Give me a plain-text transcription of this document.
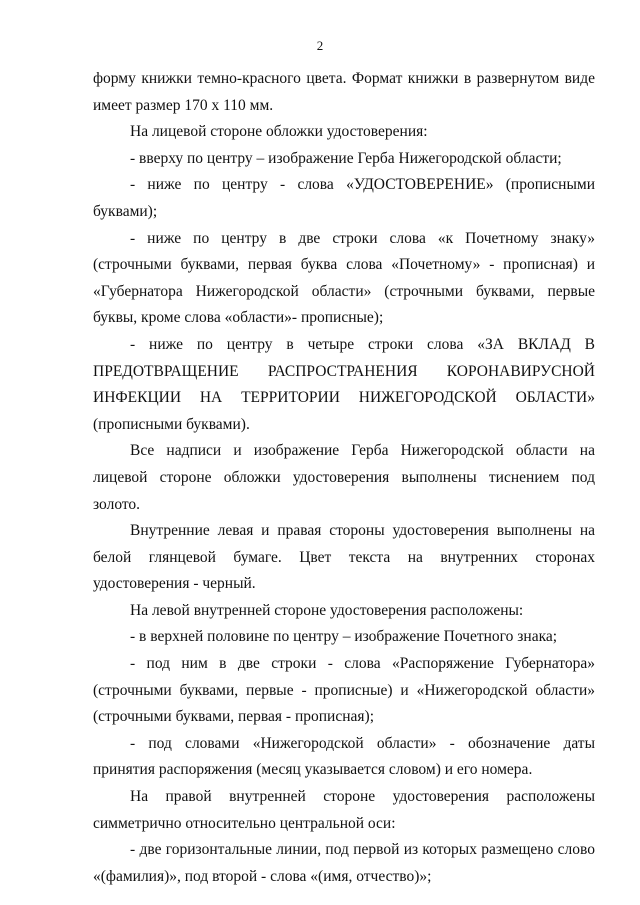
2

форму книжки темно-красного цвета. Формат книжки в развернутом виде имеет размер 170 х 110 мм.

На лицевой стороне обложки удостоверения:

- вверху по центру – изображение Герба Нижегородской области;

- ниже по центру - слова «УДОСТОВЕРЕНИЕ» (прописными буквами);

- ниже по центру в две строки слова «к Почетному знаку» (строчными буквами, первая буква слова «Почетному» - прописная) и «Губернатора Нижегородской области» (строчными буквами, первые буквы, кроме слова «области»- прописные);

- ниже по центру в четыре строки слова «ЗА ВКЛАД В ПРЕДОТВРАЩЕНИЕ РАСПРОСТРАНЕНИЯ КОРОНАВИРУСНОЙ ИНФЕКЦИИ НА ТЕРРИТОРИИ НИЖЕГОРОДСКОЙ ОБЛАСТИ» (прописными буквами).

Все надписи и изображение Герба Нижегородской области на лицевой стороне обложки удостоверения выполнены тиснением под золото.

Внутренние левая и правая стороны удостоверения выполнены на белой глянцевой бумаге. Цвет текста на внутренних сторонах удостоверения - черный.

На левой внутренней стороне удостоверения расположены:

- в верхней половине по центру – изображение Почетного знака;

- под ним в две строки - слова «Распоряжение Губернатора» (строчными буквами, первые - прописные) и «Нижегородской области» (строчными буквами, первая - прописная);

- под словами «Нижегородской области» - обозначение даты принятия распоряжения (месяц указывается словом) и его номера.

На правой внутренней стороне удостоверения расположены симметрично относительно центральной оси:

- две горизонтальные линии, под первой из которых размещено слово «(фамилия)», под второй - слова «(имя, отчество)»;
